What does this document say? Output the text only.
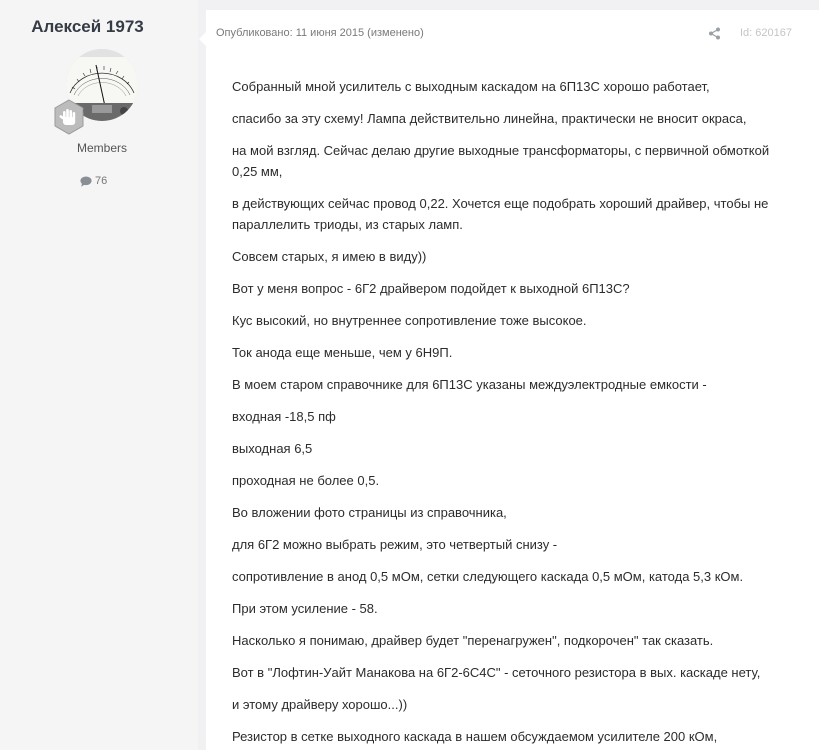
Алексей 1973
Members
76
Опубликовано: 11 июня 2015 (изменено)	Id: 620167

Собранный мной усилитель с выходным каскадом на 6П13С хорошо работает,

спасибо за эту схему! Лампа действительно линейна, практически не вносит окраса,

на мой взгляд. Сейчас делаю другие выходные трансформаторы, с первичной обмоткой 0,25 мм,

в действующих сейчас провод 0,22. Хочется еще подобрать хороший драйвер, чтобы не параллелить триоды, из старых ламп.

Совсем старых, я имею в виду))

Вот у меня вопрос - 6Г2 драйвером подойдет к выходной 6П13С?

Кус высокий, но внутреннее сопротивление тоже высокое.

Ток анода еще меньше, чем у 6Н9П.

В моем старом справочнике для 6П13С указаны междуэлектродные емкости -

входная -18,5 пф

выходная 6,5

проходная не более 0,5.

Во вложении фото страницы из справочника,

для 6Г2 можно выбрать режим, это четвертый снизу -

сопротивление в анод 0,5 мОм, сетки следующего каскада 0,5 мОм, катода 5,3 кОм.

При этом усиление - 58.

Насколько я понимаю, драйвер будет "перенагружен", подкорочен" так сказать.

Вот в "Лофтин-Уайт Манакова на 6Г2-6С4С" - сеточного резистора в вых. каскаде нету,

и этому драйверу хорошо...))

Резистор в сетке выходного каскада в нашем обсуждаемом усилителе 200 кОм,
